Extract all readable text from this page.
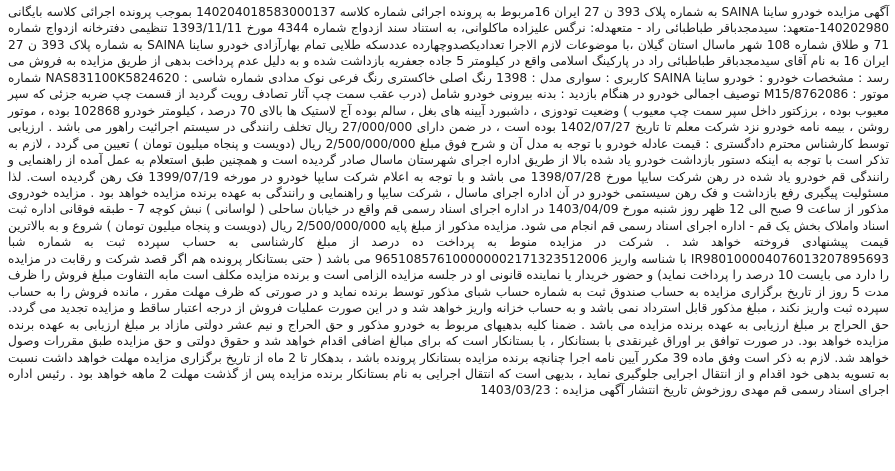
آگهی مزایده خودرو ساینا SAINA به شماره پلاک 393 ن 27 ایران 16مربوط به پرونده اجرائی شماره کلاسه 140204018583000137 بموجب پرونده اجرائی کلاسه بایگانی 140202980-متعهد: سیدمجدباقر طباطبائی راد - متعهدله: نرگس علیزاده ماکلوانی، به استناد سند ازدواج شماره 4344 مورخ 1393/11/11 تنظیمی دفترخانه ازدواج شماره 71 و طلاق شماره 108 شهر ماسال استان گیلان ،با موضوعات لازم الاجرا تعدادیکصدوچهارده عددسکه طلایی تمام بهارآزادی خودرو ساینا SAINA به شماره پلاک 393 ن 27 ایران 16 به نام آقای سیدمجدباقر طباطبائی راد در پارکینگ اسلامی واقع در کیلومتر 5 جاده جعفریه بازداشت شده و به دلیل عدم پرداخت بدهی از طریق مزایده به فروش می رسد : مشخصات خودرو : خودرو ساینا SAINA کاربری : سواری مدل : 1398 رنگ اصلی خاکستری رنگ فرعی نوک مدادی شماره شاسی : NAS831100K5824620 شماره موتور : M15/8762086 توصیف اجمالی خودرو در هنگام بازدید : بدنه بیرونی خودرو شامل (درب عقب سمت چپ آثار تصادف رویت گردید از قسمت چپ ضربه جزئی که سپر معیوب بوده ، برزکتور داخل سپر سمت چپ معیوب ) وضعیت تودوزی ، داشبورد آیینه های بغل ، سالم بوده آج لاستیک ها بالای 70 درصد ، کیلومتر خودرو 102868 بوده ، موتور روشن ، بیمه نامه خودرو نزد شرکت معلم تا تاریخ 1402/07/27 بوده است ، در ضمن دارای 27/000/000 ریال تخلف رانندگی در سیستم اجرائیت راهور می باشد . ارزیابی توسط کارشناس محترم دادگستری : قیمت عادله خودرو با توجه به مدل آن و شرح فوق مبلغ 2/500/000/000 ریال (دویست و پنجاه میلیون تومان ) تعیین می گردد ، لازم به تذکر است با توجه به اینکه دستور بازداشت خودرو یاد شده بالا از طریق اداره اجرای شهرستان ماسال صادر گردیده است و همچنین طبق استعلام به عمل آمده از راهنمایی و رانندگی قم خودرو یاد شده در رهن شرکت سایپا مورخ 1398/07/28 می باشد و با توجه به اعلام شرکت سایپا خودرو در مورخه 1399/07/19 فک رهن گردیده است. لذا مسئولیت پیگیری رفع بازداشت و فک رهن سیستمی خودرو در آن اداره اجرای ماسال ، شرکت سایپا و راهنمایی و رانندگی به عهده برنده مزایده خواهد بود . مزایده خودروی مذکور از ساعت 9 صبح الی 12 ظهر روز شنبه مورخ 1403/04/09 در اداره اجرای اسناد رسمی قم واقع در خیابان ساحلی ( لواسانی ) نبش کوچه 7 - طبقه فوقانی اداره ثبت اسناد واملاک بخش یک قم - اداره اجرای اسناد رسمی قم انجام می شود. مزایده مذکور از مبلغ پایه 2/500/000/000 ریال (دویست و پنجاه میلیون تومان ) شروع و به بالاترین قیمت پیشنهادی فروخته خواهد شد . شرکت در مزایده منوط به پرداخت ده درصد از مبلغ کارشناسی به حساب سپرده ثبت به شماره شبا IR980100004076013207895693 با شناسه واریز 965108576100000002171323512006 می باشد ( حتی بستانکار پرونده هم اگر قصد شرکت و رقابت در مزایده را دارد می بایست 10 درصد را پرداخت نماید) و حضور خریدار یا نماینده قانونی او در جلسه مزایده الزامی است و برنده مزایده مکلف است مابه التفاوت مبلغ فروش را ظرف مدت 5 روز از تاریخ برگزاری مزایده به حساب صندوق ثبت به شماره حساب شبای مذکور توسط برنده نماید و در صورتی که ظرف مهلت مقرر ، مانده فروش را به حساب سپرده ثبت واریز نکند ، مبلغ مذکور قابل استرداد نمی باشد و به حساب خزانه واریز خواهد شد و در این صورت عملیات فروش از درجه اعتبار ساقط و مزایده تجدید می گردد. حق الحراج بر مبلغ ارزیابی به عهده برنده مزایده می باشد . ضمنا کلیه بدهیهای مربوط به خودرو مذکور و حق الحراج و نیم عشر دولتی مازاد بر مبلغ ارزیابی به عهده برنده مزایده خواهد بود. در صورت توافق بر اوراق غیرنقدی با بستانکار ، با بستانکار است که برای مبالغ اضافی اقدام خواهد شد و حقوق دولتی و حق مزایده طبق مقررات وصول خواهد شد. لازم به ذکر است وفق ماده 39 مکرر آیین نامه اجرا چنانچه برنده مزایده بستانکار پرونده باشد ، بدهکار تا 2 ماه از تاریخ برگزاری مزایده مهلت خواهد داشت نسبت به تسویه بدهی خود اقدام و از انتقال اجرایی جلوگیری نماید ، بدیهی است که انتقال اجرایی به نام بستانکار برنده مزایده پس از گذشت مهلت 2 ماهه خواهد بود . رئیس اداره اجرای اسناد رسمی قم مهدی روزخوش تاریخ انتشار آگهی مزایده : 1403/03/23
